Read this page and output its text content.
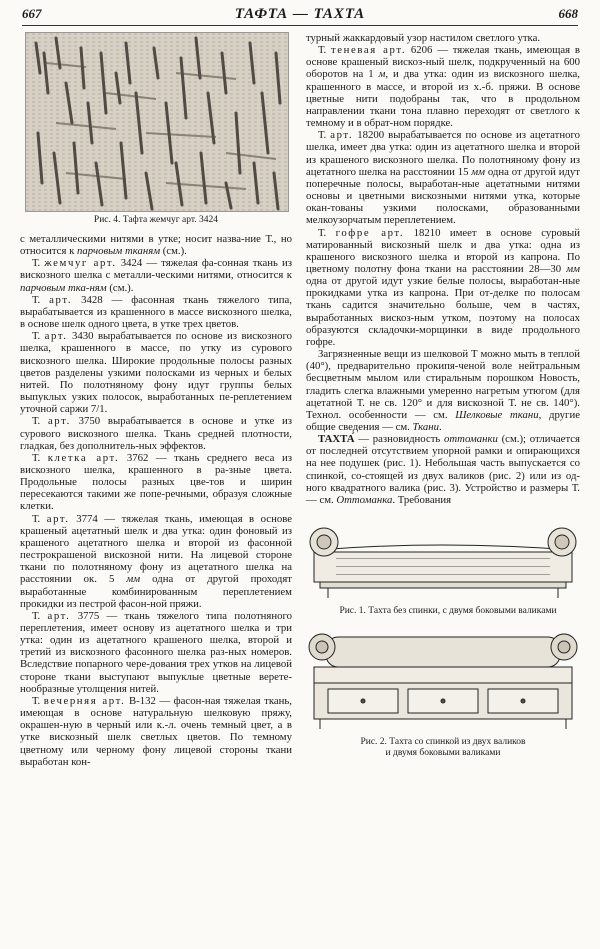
667	ТАФТА — ТАХТА	668
Рис. 4. Тафта жемчуг арт. 3424

с металлическими нитями в утке; носит назва-ние Т., но относится к парчовым тканям (см.).

Т. жемчуг арт. 3424 — тяжелая фа-сонная ткань из вискозного шелка с металли-ческими нитями, относится к парчовым тка-ням (см.).

Т. арт. 3428 — фасонная ткань тяжелого типа, вырабатывается из крашенного в массе вискозного шелка, в основе шелк одного цвета, в утке трех цветов.

Т. арт. 3430 вырабатывается по основе из вискозного шелка, крашенного в массе, по утку из сурового вискозного шелка. Широкие продольные полосы разных цветов разделены узкими полосками из черных и белых нитей. По полотняному фону идут группы белых выпуклых узких полосок, выработанных пе-реплетением уточной саржи 7/1.

Т. арт. 3750 вырабатывается в основе и утке из сурового вискозного шелка. Ткань средней плотности, гладкая, без дополнитель-ных эффектов.

Т. клетка арт. 3762 — ткань среднего веса из вискозного шелка, крашенного в ра-зные цвета. Продольные полосы разных цве-тов и ширин пересекаются такими же попе-речными, образуя сложные клетки.

Т. арт. 3774 — тяжелая ткань, имеющая в основе крашеный ацетатный шелк и два утка: один фоновый из крашеного ацетатного шелка и второй из фасонной пестрокрашеной вискозной нити. На лицевой стороне ткани по полотняному фону из ацетатного шелка на расстоянии ок. 5 мм одна от другой проходят выработанные комбинированным переплетением прокидки из пестрой фасон-ной пряжи.

Т. арт. 3775 — ткань тяжелого типа полотняного переплетения, имеет основу из ацетатного шелка и три утка: один из ацетатного крашеного шелка, второй и третий из вискозного фасонного шелка раз-ных номеров. Вследствие попарного чере-дования трех утков на лицевой стороне ткани выступают выпуклые цветные верете-нообразные утолщения нитей.

Т. вечерняя арт. В-132 — фасон-ная тяжелая ткань, имеющая в основе натуральную шелковую пряжу, окрашен-ную в черный или к.-л. очень темный цвет, а в утке вискозный шелк светлых цветов. По темному цветному или черному фону лицевой стороны ткани выработан кон-

турный жаккардовый узор настилом светлого утка.

Т. теневая арт. 6206 — тяжелая ткань, имеющая в основе крашеный вискоз-ный шелк, подкрученный на 600 оборотов на 1 м, и два утка: один из вискозного шелка, крашенного в массе, и второй из х.-б. пряжи. В основе цветные нити подобраны так, что в продольном направлении ткани тона плавно переходят от светлого к темному и в обрат-ном порядке.

Т. арт. 18200 вырабатывается по основе из ацетатного шелка, имеет два утка: один из ацетатного шелка и второй из крашеного вискозного шелка. По полотняному фону из ацетатного шелка на расстоянии 15 мм одна от другой идут поперечные полосы, выработан-ные ацетатными нитями основы и цветными вискозными нитями утка, которые окан-тованы узкими полосками, образованными мелкоузорчатым переплетением.

Т. гофре арт. 18210 имеет в основе суровый матированный вискозный шелк и два утка: одна из крашеного вискозного шелка и второй из капрона. По цветному полотну фона ткани на расстоянии 28—30 мм одна от другой идут узкие белые полосы, выработан-ные прокидками утка из капрона. При от-делке по полосам ткань садится значительно больше, чем в частях, выработанных вискоз-ным утком, поэтому на полосах образуются складочки-морщинки в виде продольного гофре.

Загрязненные вещи из шелковой Т можно мыть в теплой (40°), предварительно прокипя-ченой воле нейтральным бесцветным мылом или стиральным порошком Новость, гладить слегка влажными умеренно нагретым утюгом (для ацетатной Т. не св. 120° и для вискозной Т. не св. 140°). Технол. особенности — см. Шелковые ткани, другие общие сведения — см. Ткани.

ТАХТА́ — разновидность оттоманки (см.); отличается от последней отсутствием упорной рамки и опирающихся на нее подушек (рис. 1). Небольшая часть выпускается со спинкой, со-стоящей из двух валиков (рис. 2) или из од-ного квадратного валика (рис. 3). Устройство и размеры Т. — см. Оттоманка. Требования

Рис. 1. Тахта без спинки, с двумя боковыми валиками
Рис. 2. Тахта со спинкой из двух валиков
и двумя боковыми валиками
